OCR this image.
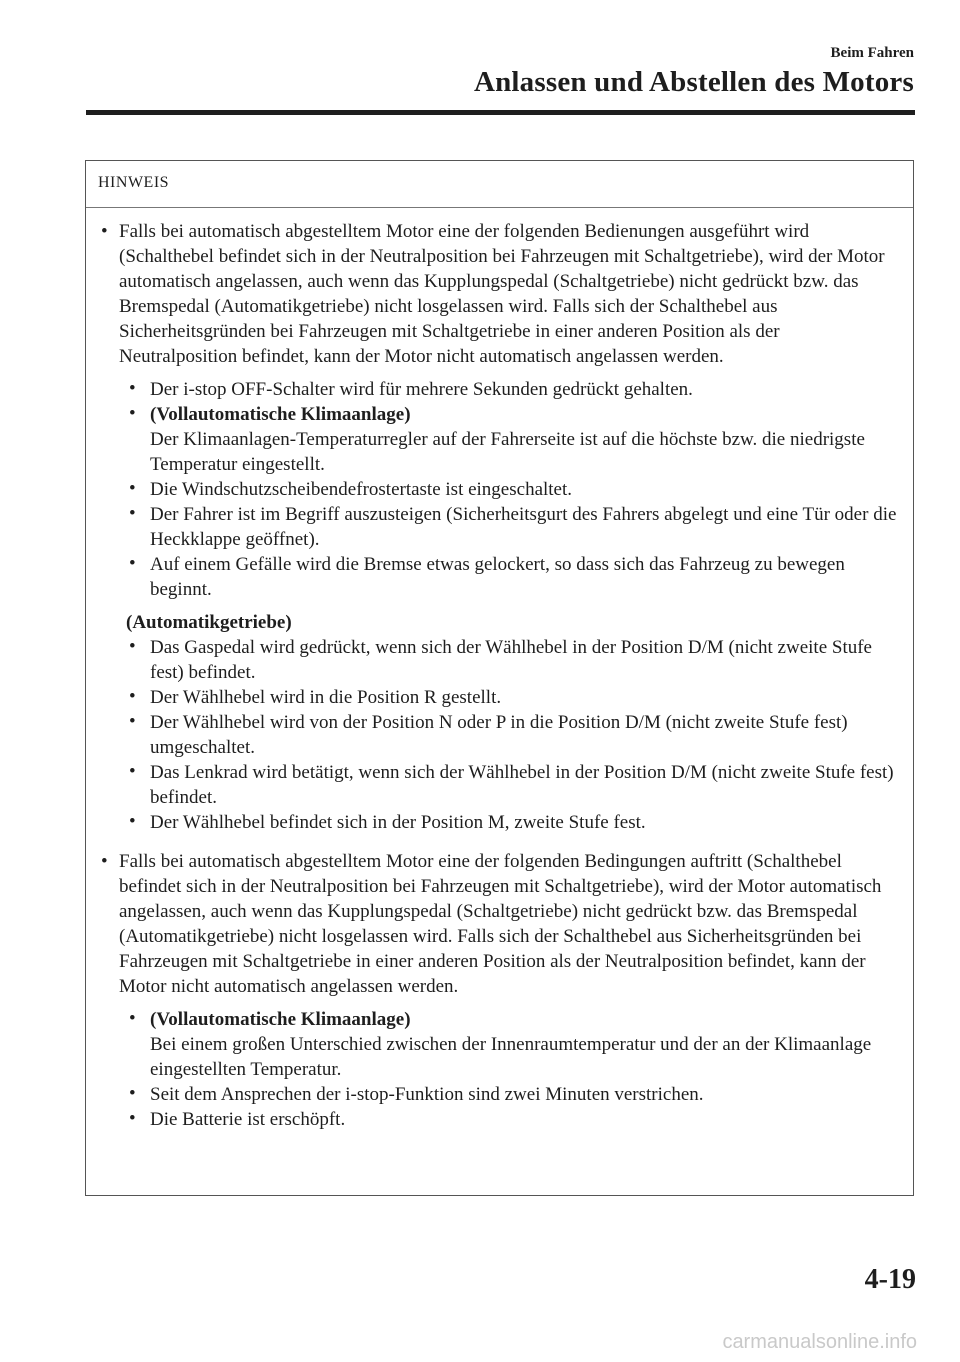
Beim Fahren
Anlassen und Abstellen des Motors
HINWEIS
• Falls bei automatisch abgestelltem Motor eine der folgenden Bedienungen ausgeführt wird (Schalthebel befindet sich in der Neutralposition bei Fahrzeugen mit Schaltgetriebe), wird der Motor automatisch angelassen, auch wenn das Kupplungspedal (Schaltgetriebe) nicht gedrückt bzw. das Bremspedal (Automatikgetriebe) nicht losgelassen wird. Falls sich der Schalthebel aus Sicherheitsgründen bei Fahrzeugen mit Schaltgetriebe in einer anderen Position als der Neutralposition befindet, kann der Motor nicht automatisch angelassen werden.
• Der i-stop OFF-Schalter wird für mehrere Sekunden gedrückt gehalten.
• (Vollautomatische Klimaanlage)
Der Klimaanlagen-Temperaturregler auf der Fahrerseite ist auf die höchste bzw. die niedrigste Temperatur eingestellt.
• Die Windschutzscheibendefrostertaste ist eingeschaltet.
• Der Fahrer ist im Begriff auszusteigen (Sicherheitsgurt des Fahrers abgelegt und eine Tür oder die Heckklappe geöffnet).
• Auf einem Gefälle wird die Bremse etwas gelockert, so dass sich das Fahrzeug zu bewegen beginnt.
(Automatikgetriebe)
• Das Gaspedal wird gedrückt, wenn sich der Wählhebel in der Position D/M (nicht zweite Stufe fest) befindet.
• Der Wählhebel wird in die Position R gestellt.
• Der Wählhebel wird von der Position N oder P in die Position D/M (nicht zweite Stufe fest) umgeschaltet.
• Das Lenkrad wird betätigt, wenn sich der Wählhebel in der Position D/M (nicht zweite Stufe fest) befindet.
• Der Wählhebel befindet sich in der Position M, zweite Stufe fest.
• Falls bei automatisch abgestelltem Motor eine der folgenden Bedingungen auftritt (Schalthebel befindet sich in der Neutralposition bei Fahrzeugen mit Schaltgetriebe), wird der Motor automatisch angelassen, auch wenn das Kupplungspedal (Schaltgetriebe) nicht gedrückt bzw. das Bremspedal (Automatikgetriebe) nicht losgelassen wird. Falls sich der Schalthebel aus Sicherheitsgründen bei Fahrzeugen mit Schaltgetriebe in einer anderen Position als der Neutralposition befindet, kann der Motor nicht automatisch angelassen werden.
• (Vollautomatische Klimaanlage)
Bei einem großen Unterschied zwischen der Innenraumtemperatur und der an der Klimaanlage eingestellten Temperatur.
• Seit dem Ansprechen der i-stop-Funktion sind zwei Minuten verstrichen.
• Die Batterie ist erschöpft.
4-19
carmanualsonline.info
